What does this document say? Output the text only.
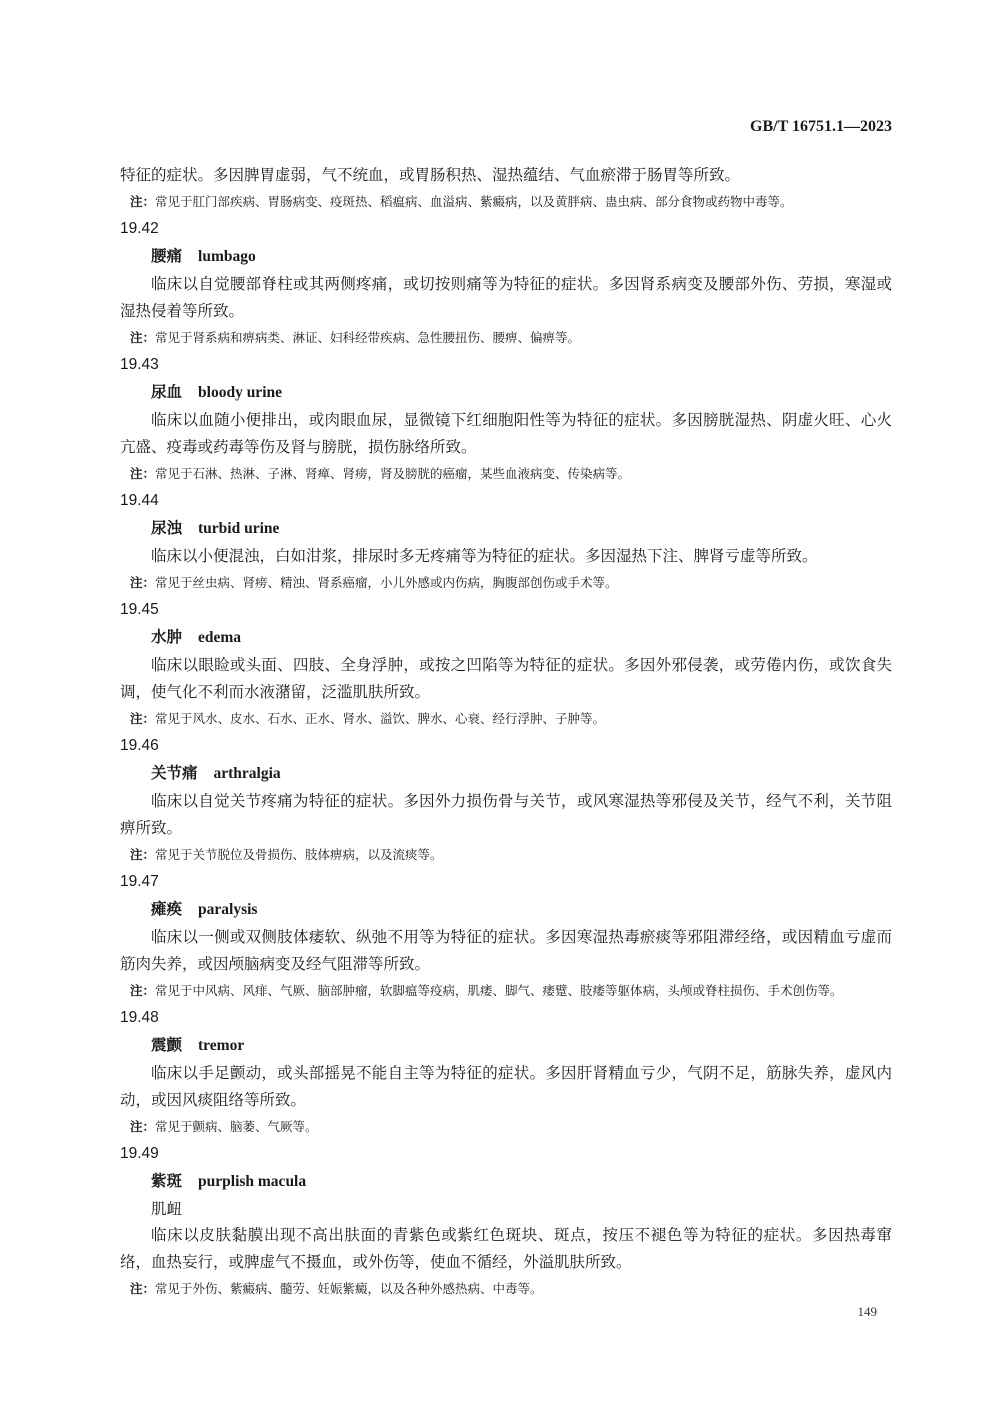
GB/T 16751.1—2023

特征的症状。多因脾胃虚弱，气不统血，或胃肠积热、湿热蕴结、气血瘀滞于肠胃等所致。

注：常见于肛门部疾病、胃肠病变、疫斑热、稻瘟病、血溢病、紫癜病，以及黄胖病、蛊虫病、部分食物或药物中毒等。

19.42

腰痛 lumbago

临床以自觉腰部脊柱或其两侧疼痛，或切按则痛等为特征的症状。多因肾系病变及腰部外伤、劳损，寒湿或湿热侵着等所致。

注：常见于肾系病和痹病类、淋证、妇科经带疾病、急性腰扭伤、腰痹、偏痹等。

19.43

尿血 bloody urine

临床以血随小便排出，或肉眼血尿，显微镜下红细胞阳性等为特征的症状。多因膀胱湿热、阴虚火旺、心火亢盛、疫毒或药毒等伤及肾与膀胱，损伤脉络所致。

注：常见于石淋、热淋、子淋、肾瘅、肾痨，肾及膀胱的癌瘤，某些血液病变、传染病等。

19.44

尿浊 turbid urine

临床以小便混浊，白如泔浆，排尿时多无疼痛等为特征的症状。多因湿热下注、脾肾亏虚等所致。

注：常见于丝虫病、肾痨、精浊、肾系癌瘤，小儿外感或内伤病，胸腹部创伤或手术等。

19.45

水肿 edema

临床以眼睑或头面、四肢、全身浮肿，或按之凹陷等为特征的症状。多因外邪侵袭，或劳倦内伤，或饮食失调，使气化不利而水液潴留，泛滥肌肤所致。

注：常见于风水、皮水、石水、正水、肾水、溢饮、脾水、心衰、经行浮肿、子肿等。

19.46

关节痛 arthralgia

临床以自觉关节疼痛为特征的症状。多因外力损伤骨与关节，或风寒湿热等邪侵及关节，经气不利，关节阻痹所致。

注：常见于关节脱位及骨损伤、肢体痹病，以及流痰等。

19.47

瘫痪 paralysis

临床以一侧或双侧肢体痿软、纵弛不用等为特征的症状。多因寒湿热毒瘀痰等邪阻滞经络，或因精血亏虚而筋肉失养，或因颅脑病变及经气阻滞等所致。

注：常见于中风病、风痱、气厥、脑部肿瘤，软脚瘟等疫病，肌痿、脚气、痿躄、肢痿等躯体病，头颅或脊柱损伤、手术创伤等。

19.48

震颤 tremor

临床以手足颤动，或头部摇晃不能自主等为特征的症状。多因肝肾精血亏少，气阴不足，筋脉失养，虚风内动，或因风痰阻络等所致。

注：常见于颤病、脑萎、气厥等。

19.49

紫斑 purplish macula

肌衄

临床以皮肤黏膜出现不高出肤面的青紫色或紫红色斑块、斑点，按压不褪色等为特征的症状。多因热毒窜络，血热妄行，或脾虚气不摄血，或外伤等，使血不循经，外溢肌肤所致。

注：常见于外伤、紫癜病、髓劳、妊娠紫癜，以及各种外感热病、中毒等。

149
